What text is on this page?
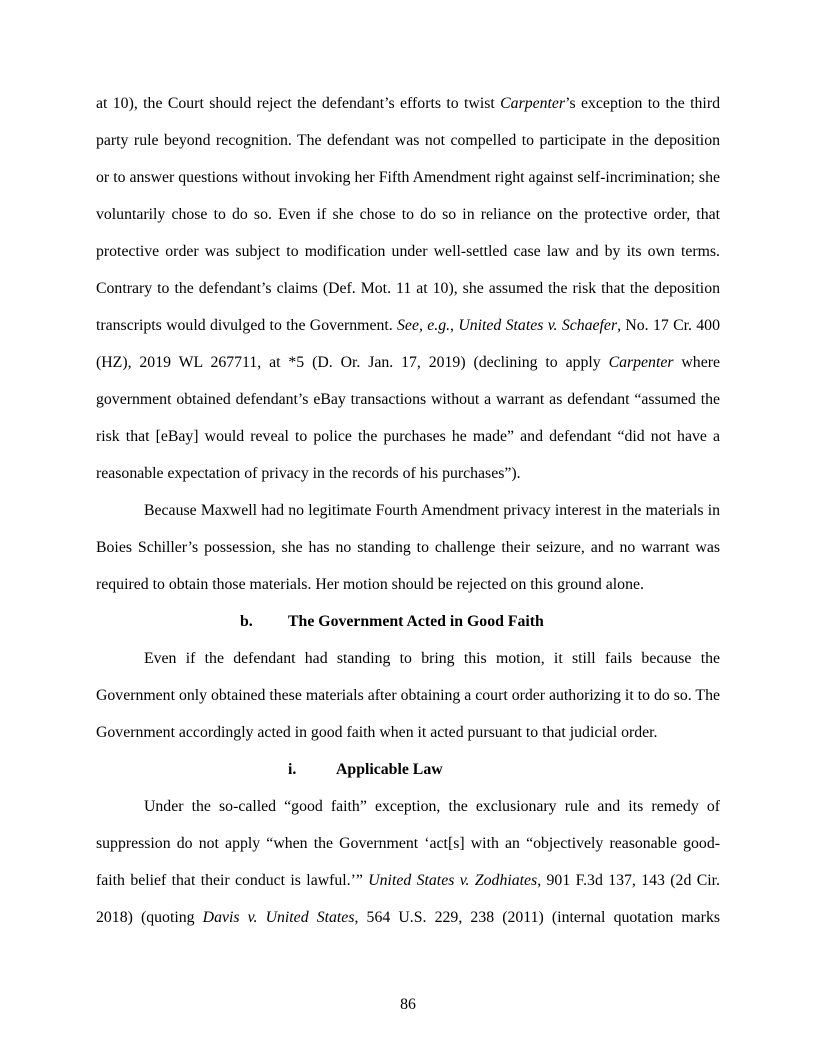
at 10), the Court should reject the defendant’s efforts to twist Carpenter’s exception to the third
party rule beyond recognition. The defendant was not compelled to participate in the deposition
or to answer questions without invoking her Fifth Amendment right against self-incrimination; she
voluntarily chose to do so. Even if she chose to do so in reliance on the protective order, that
protective order was subject to modification under well-settled case law and by its own terms.
Contrary to the defendant’s claims (Def. Mot. 11 at 10), she assumed the risk that the deposition
transcripts would divulged to the Government. See, e.g., United States v. Schaefer, No. 17 Cr. 400
(HZ), 2019 WL 267711, at *5 (D. Or. Jan. 17, 2019) (declining to apply Carpenter where
government obtained defendant’s eBay transactions without a warrant as defendant “assumed the
risk that [eBay] would reveal to police the purchases he made” and defendant “did not have a
reasonable expectation of privacy in the records of his purchases”).
Because Maxwell had no legitimate Fourth Amendment privacy interest in the materials in
Boies Schiller’s possession, she has no standing to challenge their seizure, and no warrant was
required to obtain those materials. Her motion should be rejected on this ground alone.
b. The Government Acted in Good Faith
Even if the defendant had standing to bring this motion, it still fails because the
Government only obtained these materials after obtaining a court order authorizing it to do so. The
Government accordingly acted in good faith when it acted pursuant to that judicial order.
i.	Applicable Law
Under the so-called “good faith” exception, the exclusionary rule and its remedy of
suppression do not apply “when the Government ‘act[s] with an “objectively reasonable good-
faith belief that their conduct is lawful.’” United States v. Zodhiates, 901 F.3d 137, 143 (2d Cir.
2018) (quoting Davis v. United States, 564 U.S. 229, 238 (2011) (internal quotation marks
86
